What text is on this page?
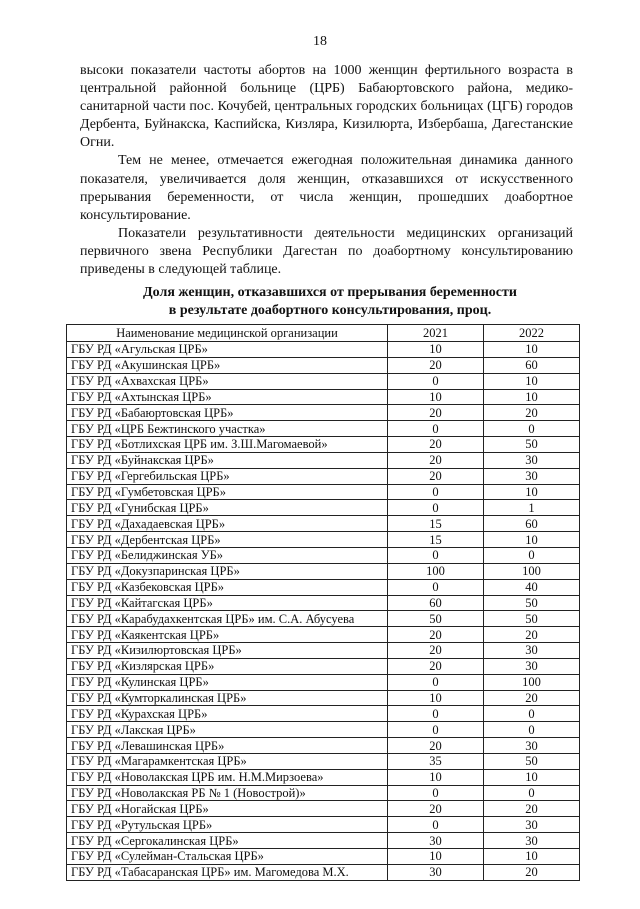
18

высоки показатели частоты абортов на 1000 женщин фертильного возраста в центральной районной больнице (ЦРБ) Бабаюртовского района, медико-санитарной части пос. Кочубей, центральных городских больницах (ЦГБ) городов Дербента, Буйнакска, Каспийска, Кизляра, Кизилюрта, Избербаша, Дагестанские Огни.

Тем не менее, отмечается ежегодная положительная динамика данного показателя, увеличивается доля женщин, отказавшихся от искусственного прерывания беременности, от числа женщин, прошедших доабортное консультирование.

Показатели результативности деятельности медицинских организаций первичного звена Республики Дагестан по доабортному консультированию приведены в следующей таблице.

Доля женщин, отказавшихся от прерывания беременности
в результате доабортного консультирования, проц.
Наименование медицинской организации	2021	2022
ГБУ РД «Агульская ЦРБ»	10	10
ГБУ РД «Акушинская ЦРБ»	20	60
ГБУ РД «Ахвахская ЦРБ»	0	10
ГБУ РД «Ахтынская ЦРБ»	10	10
ГБУ РД «Бабаюртовская ЦРБ»	20	20
ГБУ РД «ЦРБ Бежтинского участка»	0	0
ГБУ РД «Ботлихская ЦРБ им. З.Ш.Магомаевой»	20	50
ГБУ РД «Буйнакская ЦРБ»	20	30
ГБУ РД «Гергебильская ЦРБ»	20	30
ГБУ РД «Гумбетовская ЦРБ»	0	10
ГБУ РД «Гунибская ЦРБ»	0	1
ГБУ РД «Дахадаевская ЦРБ»	15	60
ГБУ РД «Дербентская ЦРБ»	15	10
ГБУ РД «Белиджинская УБ»	0	0
ГБУ РД «Докузпаринская ЦРБ»	100	100
ГБУ РД «Казбековская ЦРБ»	0	40
ГБУ РД «Кайтагская ЦРБ»	60	50
ГБУ РД «Карабудахкентская ЦРБ» им. С.А. Абусуева	50	50
ГБУ РД «Каякентская ЦРБ»	20	20
ГБУ РД «Кизилюртовская ЦРБ»	20	30
ГБУ РД «Кизлярская ЦРБ»	20	30
ГБУ РД «Кулинская ЦРБ»	0	100
ГБУ РД «Кумторкалинская ЦРБ»	10	20
ГБУ РД «Курахская ЦРБ»	0	0
ГБУ РД «Лакская ЦРБ»	0	0
ГБУ РД «Левашинская ЦРБ»	20	30
ГБУ РД «Магарамкентская ЦРБ»	35	50
ГБУ РД «Новолакская ЦРБ им. Н.М.Мирзоева»	10	10
ГБУ РД «Новолакская РБ № 1 (Новострой)»	0	0
ГБУ РД «Ногайская ЦРБ»	20	20
ГБУ РД «Рутульская ЦРБ»	0	30
ГБУ РД «Сергокалинская ЦРБ»	30	30
ГБУ РД «Сулейман-Стальская ЦРБ»	10	10
ГБУ РД «Табасаранская ЦРБ» им. Магомедова М.Х.	30	20
